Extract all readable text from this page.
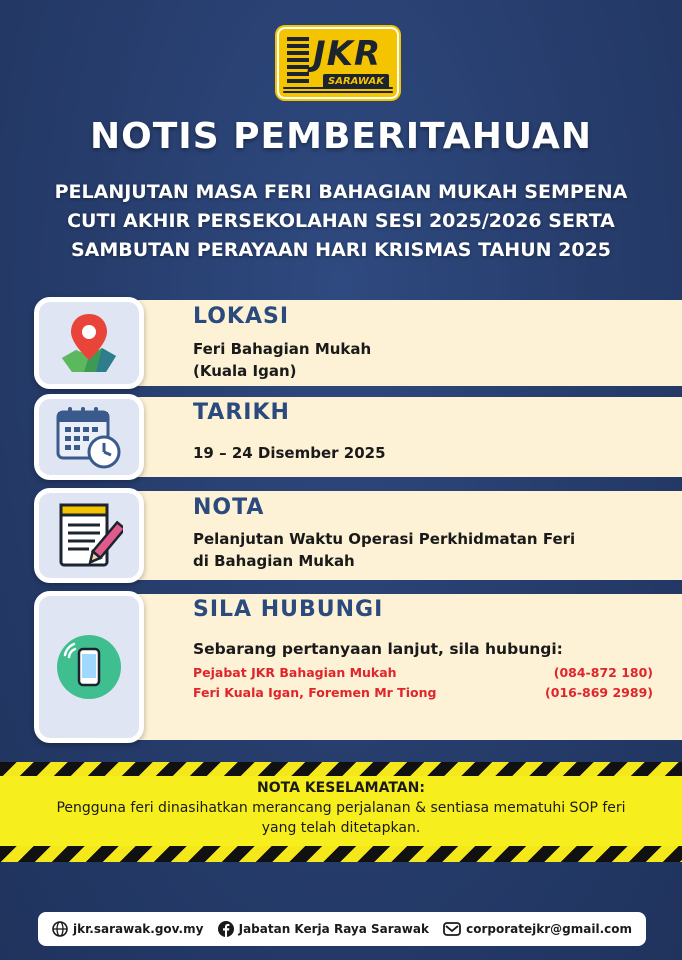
JKR
SARAWAK
NOTIS PEMBERITAHUAN
PELANJUTAN MASA FERI BAHAGIAN MUKAH SEMPENA
CUTI AKHIR PERSEKOLAHAN SESI 2025/2026 SERTA
SAMBUTAN PERAYAAN HARI KRISMAS TAHUN 2025
LOKASI
Feri Bahagian Mukah
(Kuala Igan)
TARIKH
19 – 24 Disember 2025
NOTA
Pelanjutan Waktu Operasi Perkhidmatan Feri
di Bahagian Mukah
SILA HUBUNGI
Sebarang pertanyaan lanjut, sila hubungi:
Pejabat JKR Bahagian Mukah	(084-872 180)
Feri Kuala Igan, Foremen Mr Tiong	(016-869 2989)
NOTA KESELAMATAN:
Pengguna feri dinasihatkan merancang perjalanan & sentiasa mematuhi SOP feri
yang telah ditetapkan.
jkr.sarawak.gov.my	Jabatan Kerja Raya Sarawak	corporatejkr@gmail.com
